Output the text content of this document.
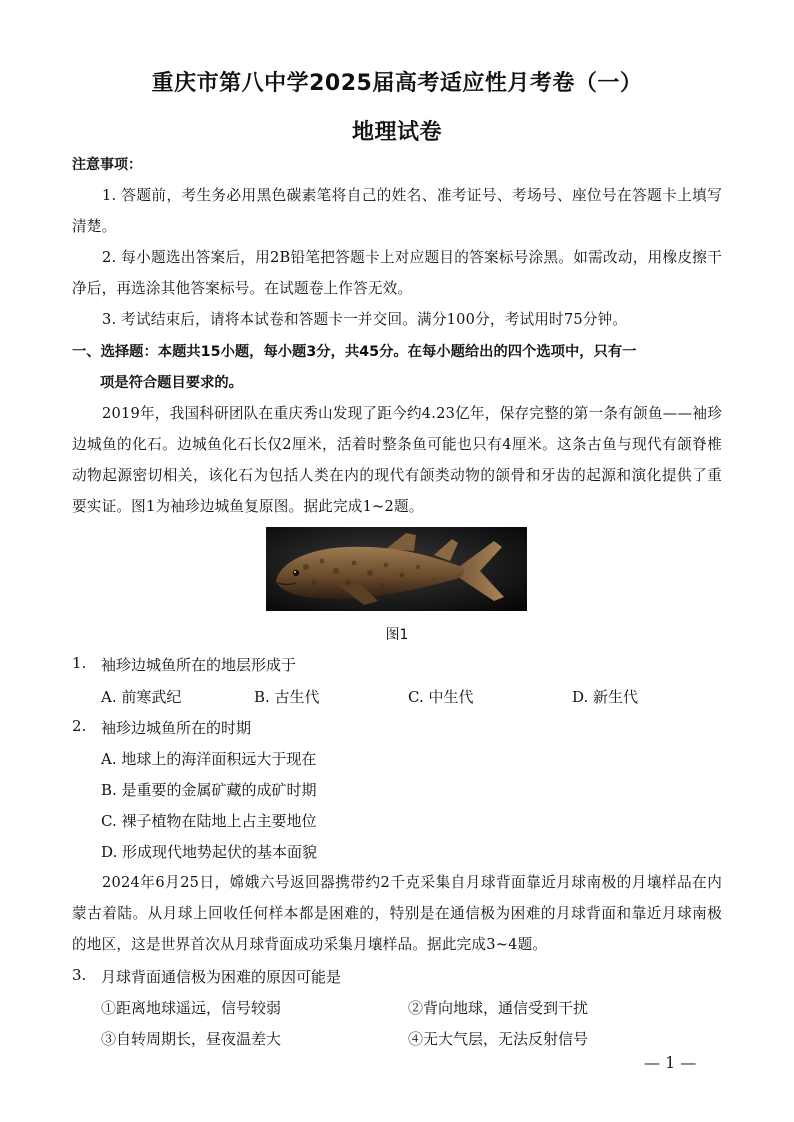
重庆市第八中学2025届高考适应性月考卷（一）
地理试卷
注意事项：
1. 答题前，考生务必用黑色碳素笔将自己的姓名、准考证号、考场号、座位号在答题卡上填写清楚。
2. 每小题选出答案后，用2B铅笔把答题卡上对应题目的答案标号涂黑。如需改动，用橡皮擦干净后，再选涂其他答案标号。在试题卷上作答无效。
3. 考试结束后，请将本试卷和答题卡一并交回。满分100分，考试用时75分钟。
一、选择题：本题共15小题，每小题3分，共45分。在每小题给出的四个选项中，只有一
项是符合题目要求的。
2019年，我国科研团队在重庆秀山发现了距今约4.23亿年，保存完整的第一条有颌鱼——袖珍边城鱼的化石。边城鱼化石长仅2厘米，活着时整条鱼可能也只有4厘米。这条古鱼与现代有颌脊椎动物起源密切相关，该化石为包括人类在内的现代有颌类动物的颌骨和牙齿的起源和演化提供了重要实证。图1为袖珍边城鱼复原图。据此完成1~2题。
图1
1. 袖珍边城鱼所在的地层形成于
A. 前寒武纪	B. 古生代	C. 中生代	D. 新生代
2. 袖珍边城鱼所在的时期
A. 地球上的海洋面积远大于现在
B. 是重要的金属矿藏的成矿时期
C. 裸子植物在陆地上占主要地位
D. 形成现代地势起伏的基本面貌
2024年6月25日，嫦娥六号返回器携带约2千克采集自月球背面靠近月球南极的月壤样品在内蒙古着陆。从月球上回收任何样本都是困难的，特别是在通信极为困难的月球背面和靠近月球南极的地区，这是世界首次从月球背面成功采集月壤样品。据此完成3~4题。
3. 月球背面通信极为困难的原因可能是
①距离地球遥远，信号较弱	②背向地球，通信受到干扰
③自转周期长，昼夜温差大	④无大气层，无法反射信号
— 1 —
